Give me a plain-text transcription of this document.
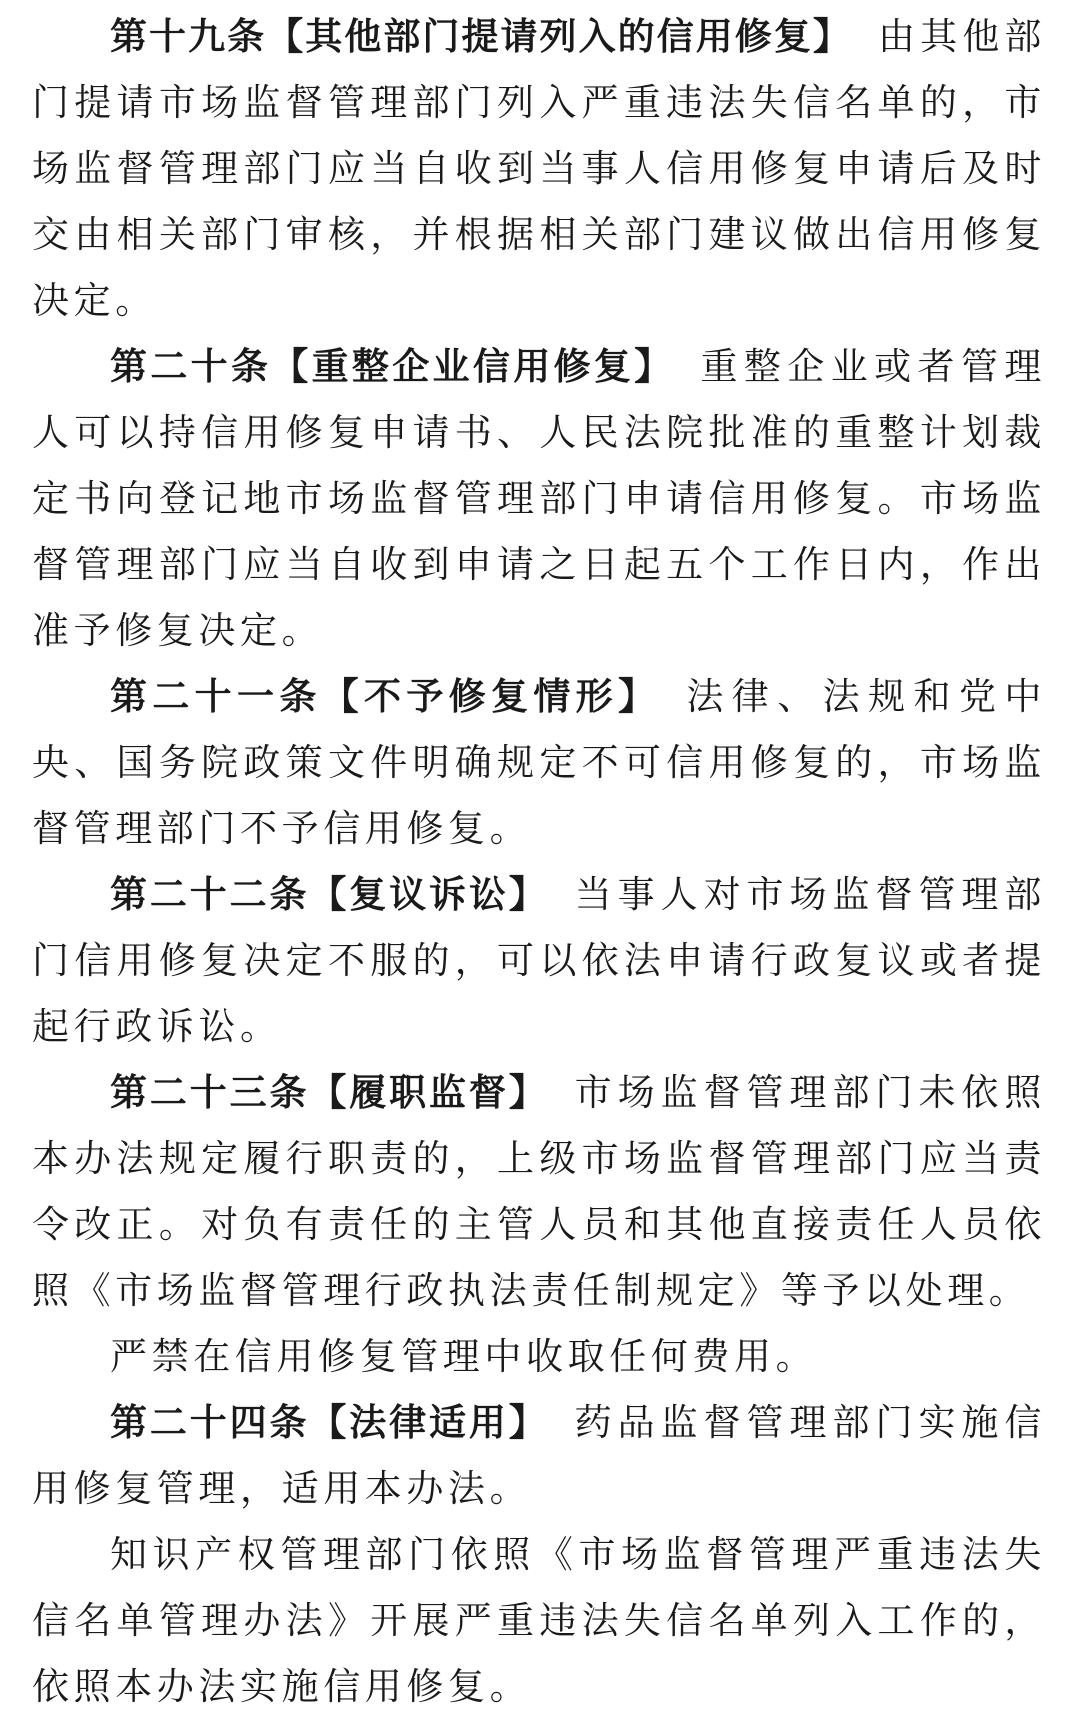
第十九条【其他部门提请列入的信用修复】 由其他部门提请市场监督管理部门列入严重违法失信名单的，市场监督管理部门应当自收到当事人信用修复申请后及时交由相关部门审核，并根据相关部门建议做出信用修复决定。

第二十条【重整企业信用修复】 重整企业或者管理人可以持信用修复申请书、人民法院批准的重整计划裁定书向登记地市场监督管理部门申请信用修复。市场监督管理部门应当自收到申请之日起五个工作日内，作出准予修复决定。

第二十一条【不予修复情形】 法律、法规和党中央、国务院政策文件明确规定不可信用修复的，市场监督管理部门不予信用修复。

第二十二条【复议诉讼】 当事人对市场监督管理部门信用修复决定不服的，可以依法申请行政复议或者提起行政诉讼。

第二十三条【履职监督】 市场监督管理部门未依照本办法规定履行职责的，上级市场监督管理部门应当责令改正。对负有责任的主管人员和其他直接责任人员依照《市场监督管理行政执法责任制规定》等予以处理。

严禁在信用修复管理中收取任何费用。

第二十四条【法律适用】 药品监督管理部门实施信用修复管理，适用本办法。

知识产权管理部门依照《市场监督管理严重违法失信名单管理办法》开展严重违法失信名单列入工作的，依照本办法实施信用修复。
